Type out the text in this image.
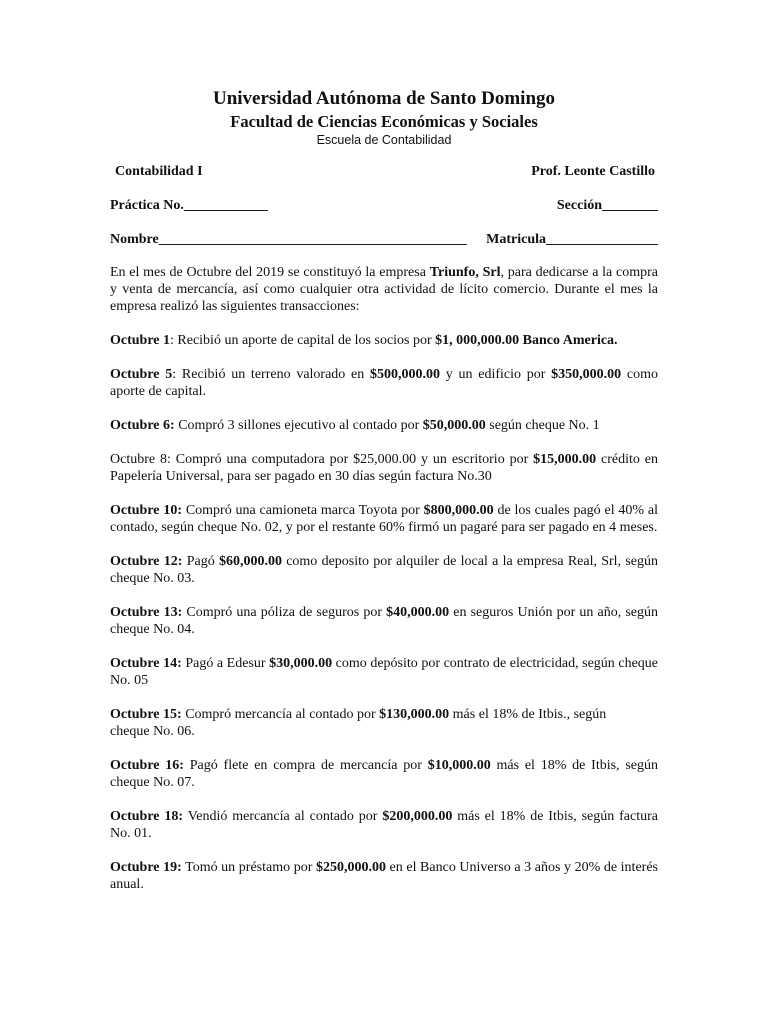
Universidad Autónoma de Santo Domingo
Facultad de Ciencias Económicas y Sociales
Escuela de Contabilidad
Contabilidad I	Prof. Leonte Castillo
Práctica No.____________	Sección________
Nombre____________________________________________ Matricula________________
En el mes de Octubre del 2019 se constituyó la empresa Triunfo, Srl, para dedicarse a la compra y venta de mercancía, así como cualquier otra actividad de lícito comercio. Durante el mes la empresa realizó las siguientes transacciones:
Octubre 1: Recibió un aporte de capital de los socios por $1, 000,000.00 Banco America.
Octubre 5: Recibió un terreno valorado en $500,000.00 y un edificio por $350,000.00 como aporte de capital.
Octubre 6: Compró 3 sillones ejecutivo al contado por $50,000.00 según cheque No. 1
Octubre 8: Compró una computadora por $25,000.00 y un escritorio por $15,000.00 crédito en Papelería Universal, para ser pagado en 30 días según factura No.30
Octubre 10: Compró una camioneta marca Toyota por $800,000.00 de los cuales pagó el 40% al contado, según cheque No. 02, y por el restante 60% firmó un pagaré para ser pagado en 4 meses.
Octubre 12: Pagó $60,000.00 como deposito por alquiler de local a la empresa Real, Srl, según cheque No. 03.
Octubre 13: Compró una póliza de seguros por $40,000.00 en seguros Unión por un año, según cheque No. 04.
Octubre 14: Pagó a Edesur $30,000.00 como depósito por contrato de electricidad, según cheque No. 05
Octubre 15: Compró mercancía al contado por $130,000.00 más el 18% de Itbis., según
cheque No. 06.
Octubre 16: Pagó flete en compra de mercancía por $10,000.00 más el 18% de Itbis, según cheque No. 07.
Octubre 18: Vendió mercancía al contado por $200,000.00 más el 18% de Itbis, según factura No. 01.
Octubre 19: Tomó un préstamo por $250,000.00 en el Banco Universo a 3 años y 20% de interés anual.
